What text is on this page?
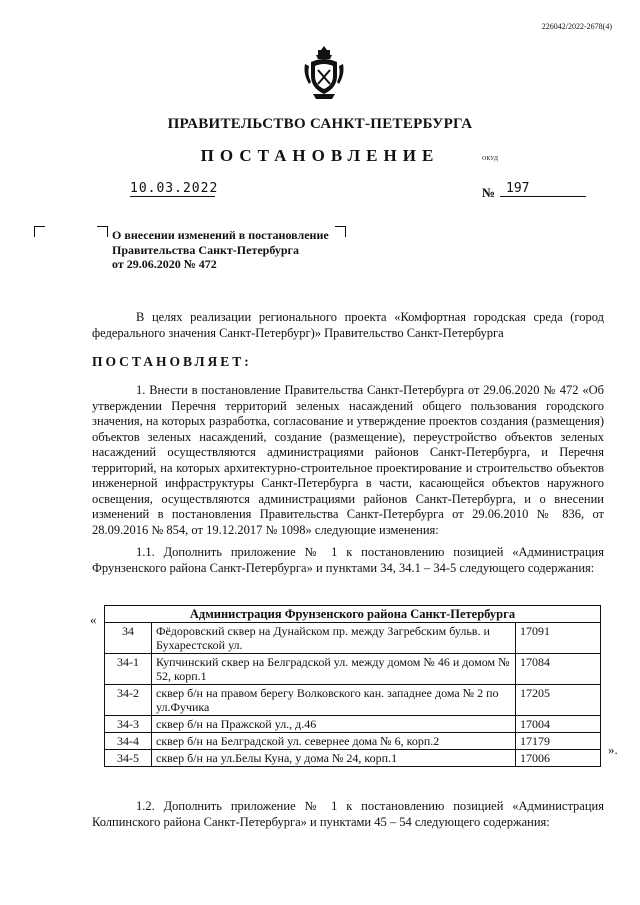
226042/2022-2678(4)
ПРАВИТЕЛЬСТВО САНКТ-ПЕТЕРБУРГА
ПОСТАНОВЛЕНИЕ	ОКУД
10.03.2022	№ 197
О внесении изменений в постановление
Правительства Санкт-Петербурга
от 29.06.2020 № 472
В целях реализации регионального проекта «Комфортная городская среда (город федерального значения Санкт-Петербург)» Правительство Санкт-Петербурга
ПОСТАНОВЛЯЕТ:
1. Внести в постановление Правительства Санкт-Петербурга от 29.06.2020 № 472 «Об утверждении Перечня территорий зеленых насаждений общего пользования городского значения, на которых разработка, согласование и утверждение проектов создания (размещения) объектов зеленых насаждений, создание (размещение), переустройство объектов зеленых насаждений осуществляются администрациями районов Санкт-Петербурга, и Перечня территорий, на которых архитектурно-строительное проектирование и строительство объектов инженерной инфраструктуры Санкт-Петербурга в части, касающейся объектов наружного освещения, осуществляются администрациями районов Санкт-Петербурга, и о внесении изменений в постановления Правительства Санкт-Петербурга от 29.06.2010 № 836, от 28.09.2016 № 854, от 19.12.2017 № 1098» следующие изменения:
1.1. Дополнить приложение № 1 к постановлению позицией «Администрация Фрунзенского района Санкт-Петербурга» и пунктами 34, 34.1 – 34-5 следующего содержания:
«	Администрация Фрунзенского района Санкт-Петербурга		
34	Фёдоровский сквер на Дунайском пр. между Загребским бульв. и Бухарестской ул.	17091
34-1	Купчинский сквер на Белградской ул. между домом № 46 и домом № 52, корп.1	17084
34-2	сквер б/н на правом берегу Волковского кан. западнее дома № 2 по ул.Фучика	17205
34-3	сквер б/н на Пражской ул., д.46	17004
34-4	сквер б/н на Белградской ул. севернее дома № 6, корп.2	17179
34-5	сквер б/н на ул.Белы Куна, у дома № 24, корп.1	17006
».
1.2. Дополнить приложение № 1 к постановлению позицией «Администрация Колпинского района Санкт-Петербурга» и пунктами 45 – 54 следующего содержания:
